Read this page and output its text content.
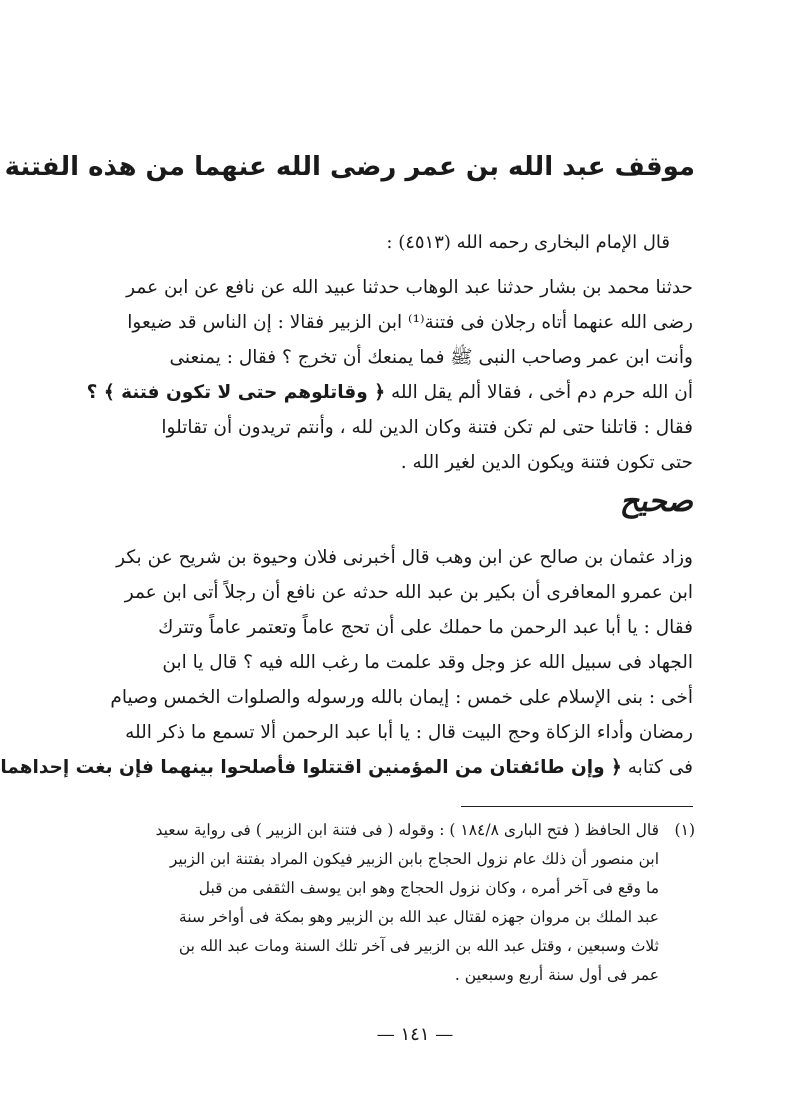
موقف عبد الله بن عمر رضى الله عنهما من هذه الفتنة

قال الإمام البخارى رحمه الله (٤٥١٣) :

حدثنا محمد بن بشار حدثنا عبد الوهاب حدثنا عبيد الله عن نافع عن ابن عمر
رضى الله عنهما أتاه رجلان فى فتنة⁽¹⁾ ابن الزبير فقالا : إن الناس قد ضيعوا
وأنت ابن عمر وصاحب النبى ﷺ فما يمنعك أن تخرج ؟ فقال : يمنعنى
أن الله حرم دم أخى ، فقالا ألم يقل الله ﴿ وقاتلوهم حتى لا تكون فتنة ﴾ ؟
فقال : قاتلنا حتى لم تكن فتنة وكان الدين لله ، وأنتم تريدون أن تقاتلوا
حتى تكون فتنة ويكون الدين لغير الله .

صحيح

وزاد عثمان بن صالح عن ابن وهب قال أخبرنى فلان وحيوة بن شريح عن بكر
ابن عمرو المعافرى أن بكير بن عبد الله حدثه عن نافع أن رجلاً أتى ابن عمر
فقال : يا أبا عبد الرحمن ما حملك على أن تحج عاماً وتعتمر عاماً وتترك
الجهاد فى سبيل الله عز وجل وقد علمت ما رغب الله فيه ؟ قال يا ابن
أخى : بنى الإسلام على خمس : إيمان بالله ورسوله والصلوات الخمس وصيام
رمضان وأداء الزكاة وحج البيت قال : يا أبا عبد الرحمن ألا تسمع ما ذكر الله
فى كتابه ﴿ وإن طائفتان من المؤمنين اقتتلوا فأصلحوا بينهما فإن بغت إحداهما
(١)
قال الحافظ ( فتح البارى ١٨٤/٨ ) : وقوله ( فى فتنة ابن الزبير ) فى رواية سعيد
ابن منصور أن ذلك عام نزول الحجاج بابن الزبير فيكون المراد بفتنة ابن الزبير
ما وقع فى آخر أمره ، وكان نزول الحجاج وهو ابن يوسف الثقفى من قبل
عبد الملك بن مروان جهزه لقتال عبد الله بن الزبير وهو بمكة فى أواخر سنة
ثلاث وسبعين ، وقتل عبد الله بن الزبير فى آخر تلك السنة ومات عبد الله بن
عمر فى أول سنة أربع وسبعين .

— ١٤١ —
